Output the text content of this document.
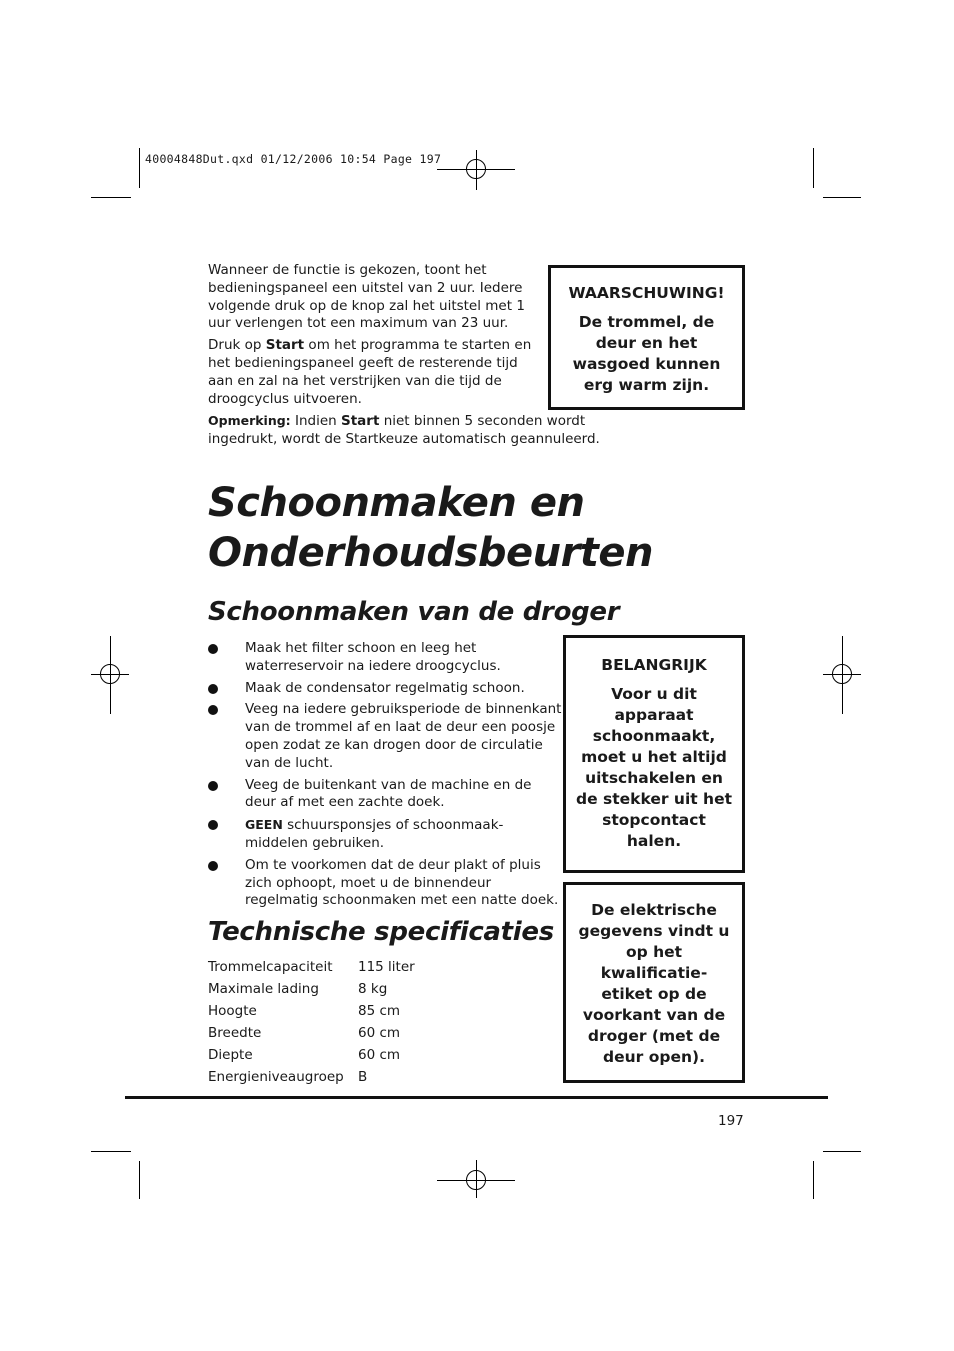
40004848Dut.qxd 01/12/2006 10:54 Page 197

Wanneer de functie is gekozen, toont het bedieningspaneel een uitstel van 2 uur. Iedere volgende druk op de knop zal het uitstel met 1 uur verlengen tot een maximum van 23 uur.

Druk op Start om het programma te starten en het bedieningspaneel geeft de resterende tijd aan en zal na het verstrijken van die tijd de droogcyclus uitvoeren.

Opmerking: Indien Start niet binnen 5 seconden wordt ingedrukt, wordt de Startkeuze automatisch geannuleerd.

WAARSCHUWING!
De trommel, de deur en het wasgoed kunnen erg warm zijn.
Schoonmaken en
Onderhoudsbeurten
Schoonmaken van de droger
Maak het filter schoon en leeg het waterreservoir na iedere droogcyclus.
Maak de condensator regelmatig schoon.
Veeg na iedere gebruiksperiode de binnenkant van de trommel af en laat de deur een poosje open zodat ze kan drogen door de circulatie van de lucht.
Veeg de buitenkant van de machine en de deur af met een zachte doek.
GEEN schuursponsjes of schoonmaak-middelen gebruiken.
Om te voorkomen dat de deur plakt of pluis zich ophoopt, moet u de binnendeur regelmatig schoonmaken met een natte doek.
BELANGRIJK
Voor u dit apparaat schoonmaakt, moet u het altijd uitschakelen en de stekker uit het stopcontact halen.
Technische specificaties
Trommelcapaciteit	115 liter
Maximale lading	8 kg
Hoogte	85 cm
Breedte	60 cm
Diepte	60 cm
Energieniveaugroep	B
De elektrische gegevens vindt u op het kwalificatie-etiket op de voorkant van de droger (met de deur open).
197
